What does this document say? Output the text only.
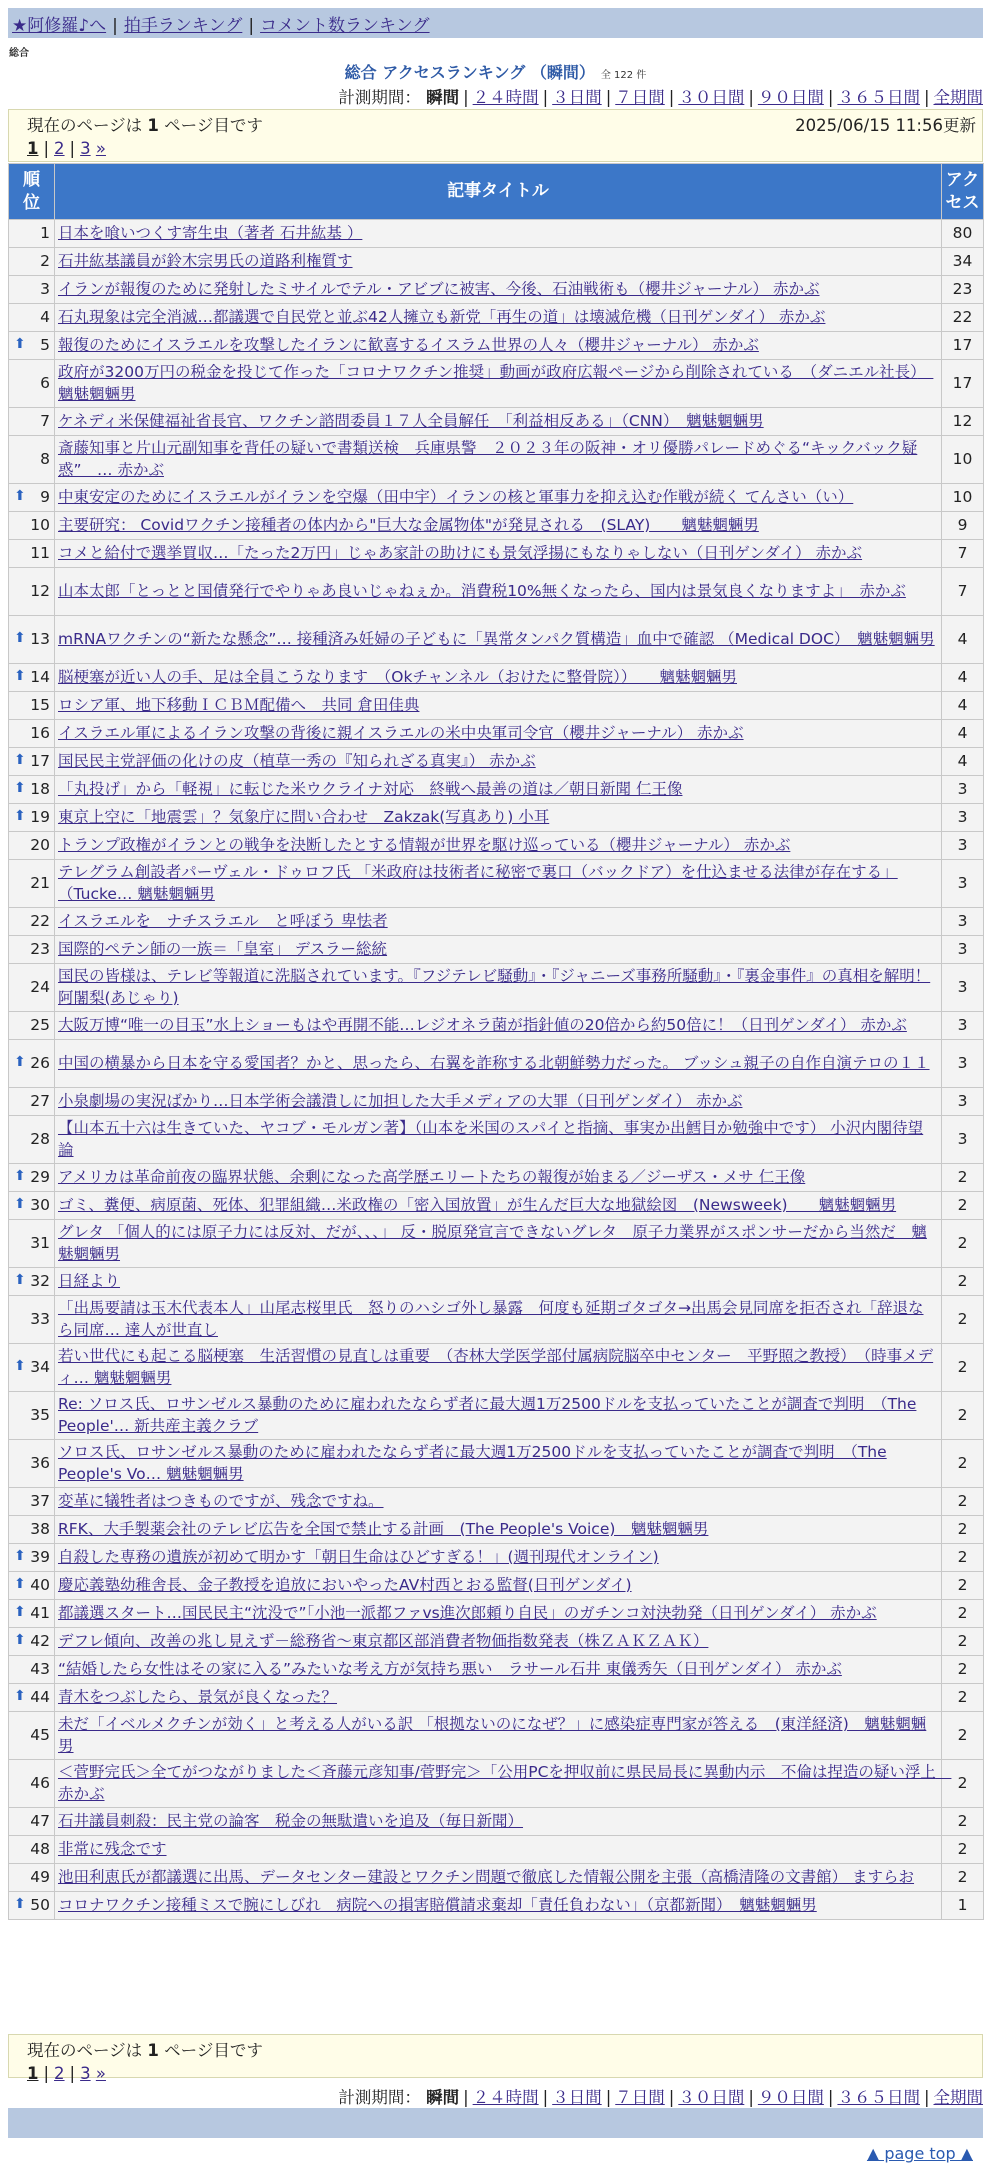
★阿修羅♪へ | 拍手ランキング | コメント数ランキング
総合
総合 アクセスランキング （瞬間） 全 122 件
計測期間： 瞬間 | ２４時間 | ３日間 | ７日間 | ３０日間 | ９０日間 | ３６５日間 | 全期間
現在のページは 1 ページ目です	2025/06/15 11:56更新
1 | 2 | 3 »
順
位	記事タイトル	アク
セス
1	日本を喰いつくす寄生虫（著者 石井紘基 ）	80
2	石井紘基議員が鈴木宗男氏の道路利権質す	34
3	イランが報復のために発射したミサイルでテル・アビブに被害、今後、石油戦術も（櫻井ジャーナル） 赤かぶ	23
4	石丸現象は完全消滅…都議選で自民党と並ぶ42人擁立も新党「再生の道」は壊滅危機（日刊ゲンダイ） 赤かぶ	22

⬆ 5	報復のためにイスラエルを攻撃したイランに歓喜するイスラム世界の人々（櫻井ジャーナル） 赤かぶ	17
6	政府が3200万円の税金を投じて作った「コロナワクチン推奨」動画が政府広報ページから削除されている　（ダニエル社長）　魑魅魍魎男	17
7	ケネディ米保健福祉省長官、ワクチン諮問委員１７人全員解任　「利益相反ある」（CNN）　魑魅魍魎男	12
8	斎藤知事と片山元副知事を背任の疑いで書類送検　兵庫県警　２０２３年の阪神・オリ優勝パレードめぐる“キックバック疑惑”　… 赤かぶ	10

⬆ 9	中東安定のためにイスラエルがイランを空爆（田中宇）イランの核と軍事力を抑え込む作戦が続く てんさい（い）	10
10	主要研究： Covidワクチン接種者の体内から"巨大な金属物体"が発見される　(SLAY)　　魑魅魍魎男	9
11	コメと給付で選挙買収…「たった2万円」じゃあ家計の助けにも景気浮揚にもなりゃしない（日刊ゲンダイ） 赤かぶ	7
12	山本太郎「とっとと国債発行でやりゃあ良いじゃねぇか。消費税10%無くなったら、国内は景気良くなりますよ」　赤かぶ	7

⬆ 13	mRNAワクチンの“新たな懸念”… 接種済み妊婦の子どもに「異常タンパク質構造」血中で確認 （Medical DOC）　魑魅魍魎男	4

⬆ 14	脳梗塞が近い人の手、足は全員こうなります　（Okチャンネル（おけたに整骨院））　　魑魅魍魎男	4
15	ロシア軍、地下移動ＩＣＢＭ配備へ　共同 倉田佳典	4
16	イスラエル軍によるイラン攻撃の背後に親イスラエルの米中央軍司令官（櫻井ジャーナル） 赤かぶ	4

⬆ 17	国民民主党評価の化けの皮（植草一秀の『知られざる真実』） 赤かぶ	4

⬆ 18	「丸投げ」から「軽視」に転じた米ウクライナ対応　終戦へ最善の道は／朝日新聞 仁王像	3

⬆ 19	東京上空に「地震雲」？気象庁に問い合わせ　Zakzak(写真あり) 小耳	3
20	トランプ政権がイランとの戦争を決断したとする情報が世界を駆け巡っている（櫻井ジャーナル） 赤かぶ	3
21	テレグラム創設者パーヴェル・ドゥロフ氏 「米政府は技術者に秘密で裏口（バックドア）を仕込ませる法律が存在する」（Tucke… 魑魅魍魎男	3
22	イスラエルを　ナチスラエル　と呼ぼう 卑怯者	3
23	国際的ペテン師の一族＝「皇室」 デスラー総統	3
24	国民の皆様は、テレビ等報道に洗脳されています。『フジテレビ騒動』・『ジャニーズ事務所騒動』・『裏金事件』の真相を解明！ 阿闍梨(あじゃり)	3
25	大阪万博“唯一の目玉”水上ショーもはや再開不能…レジオネラ菌が指針値の20倍から約50倍に！（日刊ゲンダイ） 赤かぶ	3

⬆ 26	中国の横暴から日本を守る愛国者？かと、思ったら、右翼を詐称する北朝鮮勢力だった。 ブッシュ親子の自作自演テロの１１	3
27	小泉劇場の実況ばかり…日本学術会議潰しに加担した大手メディアの大罪（日刊ゲンダイ） 赤かぶ	3
28	【山本五十六は生きていた、ヤコブ・モルガン著】（山本を米国のスパイと指摘、事実か出鱈目か勉強中です） 小沢内閣待望論	3

⬆ 29	アメリカは革命前夜の臨界状態、余剰になった高学歴エリートたちの報復が始まる／ジーザス・メサ 仁王像	2

⬆ 30	ゴミ、糞便、病原菌、死体、犯罪組織…米政権の「密入国放置」が生んだ巨大な地獄絵図　(Newsweek)　　魑魅魍魎男	2
31	グレタ 「個人的には原子力には反対、だが、、、」 反・脱原発宣言できないグレタ　原子力業界がスポンサーだから当然だ　魑魅魍魎男	2

⬆ 32	日経より	2
33	「出馬要請は玉木代表本人」山尾志桜里氏　怒りのハシゴ外し暴露　何度も延期ゴタゴタ→出馬会見同席を拒否され「辞退なら同席… 達人が世直し	2

⬆ 34	若い世代にも起こる脳梗塞　生活習慣の見直しは重要　（杏林大学医学部付属病院脳卒中センター　平野照之教授）　（時事メディ… 魑魅魍魎男	2
35	Re: ソロス氏、ロサンゼルス暴動のために雇われたならず者に最大週1万2500ドルを支払っていたことが調査で判明　（The People'… 新共産主義クラブ	2
36	ソロス氏、ロサンゼルス暴動のために雇われたならず者に最大週1万2500ドルを支払っていたことが調査で判明　（The People's Vo… 魑魅魍魎男	2
37	変革に犠牲者はつきものですが、残念ですね。	2
38	RFK、大手製薬会社のテレビ広告を全国で禁止する計画　(The People's Voice)　魑魅魍魎男	2

⬆ 39	自殺した専務の遺族が初めて明かす「朝日生命はひどすぎる！」(週刊現代オンライン)	2

⬆ 40	慶応義塾幼稚舎長、金子教授を追放においやったAV村西とおる監督(日刊ゲンダイ)	2

⬆ 41	都議選スタート…国民民主“沈没で”「小池一派都ファvs進次郎頼り自民」のガチンコ対決勃発（日刊ゲンダイ） 赤かぶ	2

⬆ 42	デフレ傾向、改善の兆し見えず－総務省～東京都区部消費者物価指数発表（株ＺＡＫＺＡＫ）	2
43	“結婚したら女性はその家に入る”みたいな考え方が気持ち悪い　ラサール石井 東儀秀矢（日刊ゲンダイ） 赤かぶ	2

⬆ 44	青木をつぶしたら、景気が良くなった？	2
45	未だ「イベルメクチンが効く」と考える人がいる訳 「根拠ないのになぜ？」に感染症専門家が答える　(東洋経済)　魑魅魍魎男	2
46	＜菅野完氏＞全てがつながりました＜斉藤元彦知事/菅野完＞「公用PCを押収前に県民局長に異動内示　不倫は捏造の疑い浮上　赤かぶ	2
47	石井議員刺殺：民主党の論客　税金の無駄遣いを追及（毎日新聞）	2
48	非常に残念です	2
49	池田利恵氏が都議選に出馬、データセンター建設とワクチン問題で徹底した情報公開を主張（高橋清隆の文書館） ますらお	2

⬆ 50	コロナワクチン接種ミスで腕にしびれ　病院への損害賠償請求棄却「責任負わない」（京都新聞）　魑魅魍魎男	1
現在のページは 1 ページ目です
1 | 2 | 3 »
計測期間： 瞬間 | ２４時間 | ３日間 | ７日間 | ３０日間 | ９０日間 | ３６５日間 | 全期間
▲ page top ▲
